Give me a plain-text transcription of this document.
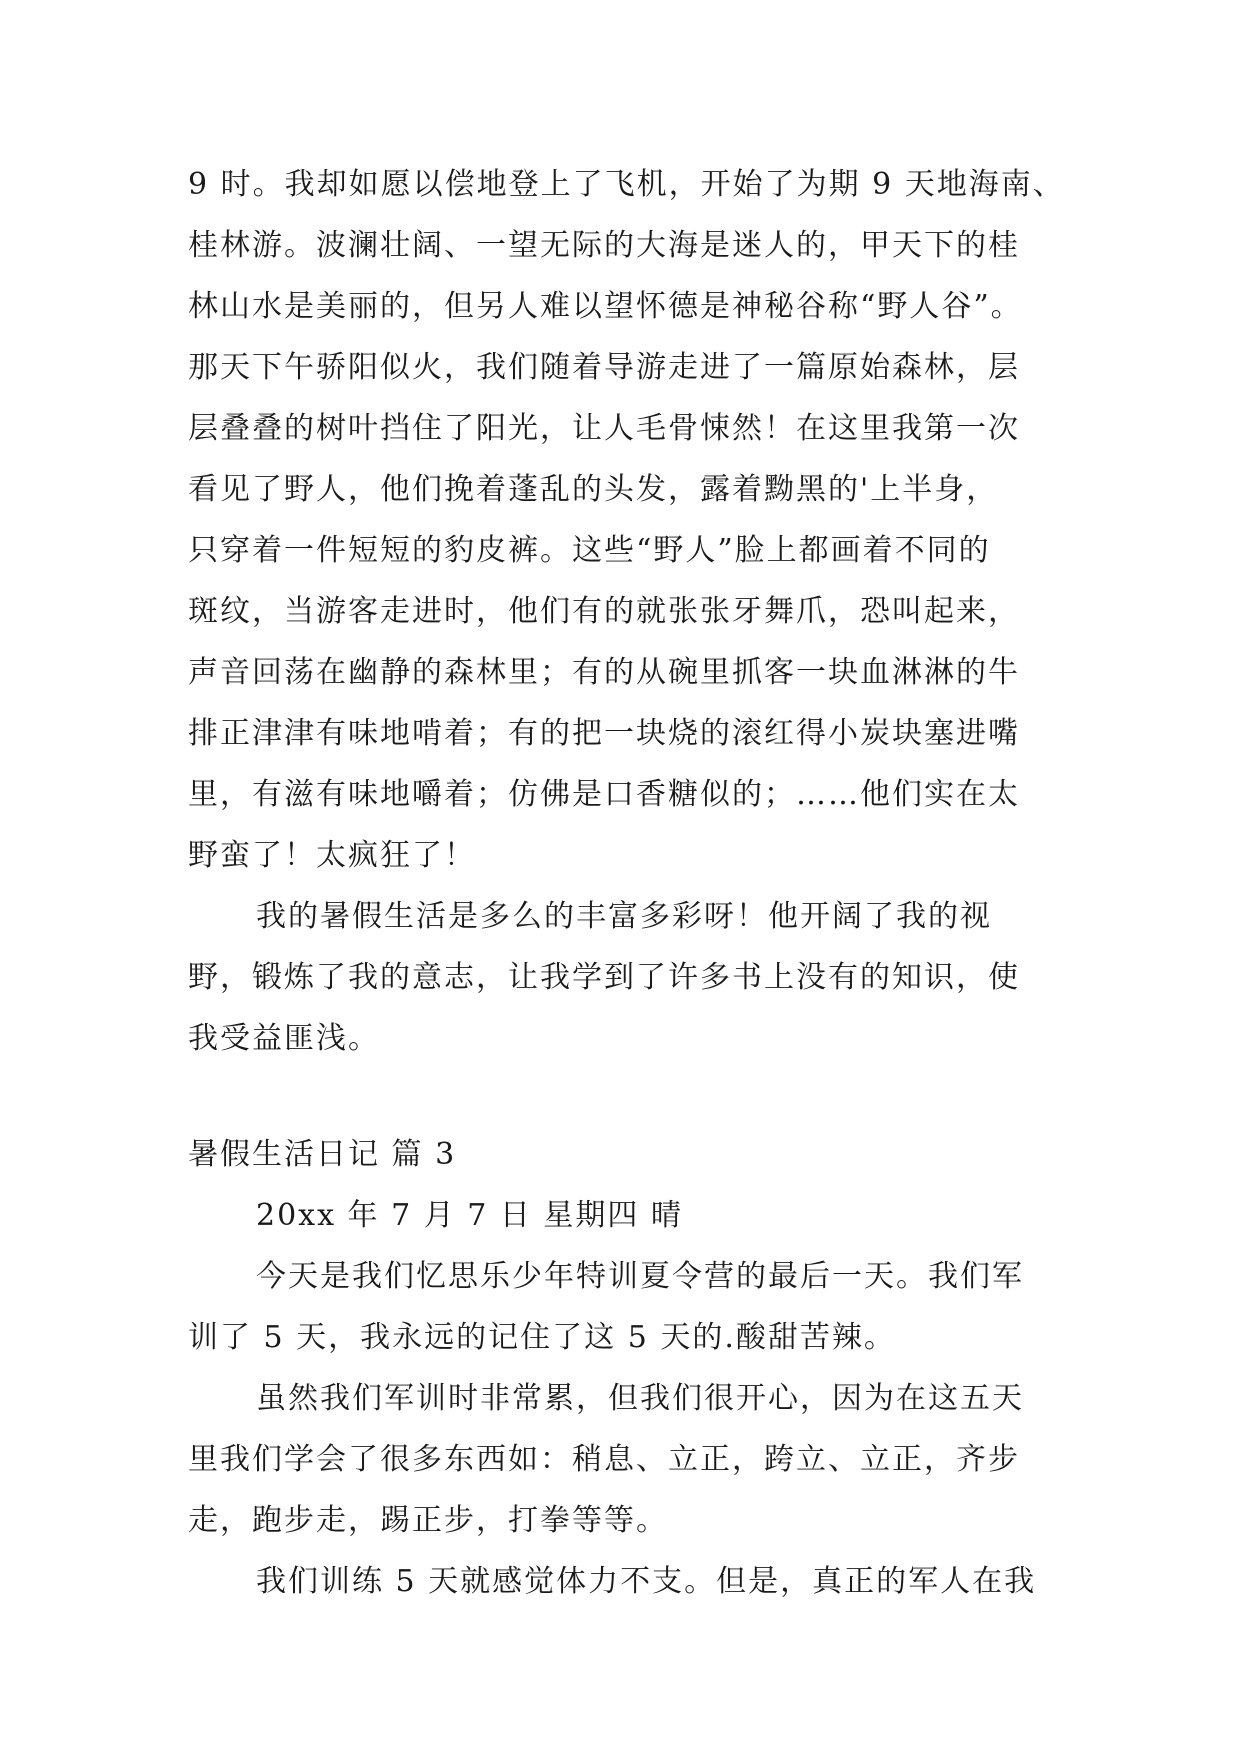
9 时。我却如愿以偿地登上了飞机，开始了为期 9 天地海南、
桂林游。波澜壮阔、一望无际的大海是迷人的，甲天下的桂
林山水是美丽的，但另人难以望怀德是神秘谷称“野人谷”。
那天下午骄阳似火，我们随着导游走进了一篇原始森林，层
层叠叠的树叶挡住了阳光，让人毛骨悚然！在这里我第一次
看见了野人，他们挽着蓬乱的头发，露着黝黑的'上半身，
只穿着一件短短的豹皮裤。这些“野人”脸上都画着不同的
斑纹，当游客走进时，他们有的就张张牙舞爪，恐叫起来，
声音回荡在幽静的森林里；有的从碗里抓客一块血淋淋的牛
排正津津有味地啃着；有的把一块烧的滚红得小炭块塞进嘴
里，有滋有味地嚼着；仿佛是口香糖似的；……他们实在太
野蛮了！太疯狂了！
我的暑假生活是多么的丰富多彩呀！他开阔了我的视
野，锻炼了我的意志，让我学到了许多书上没有的知识，使
我受益匪浅。
暑假生活日记 篇 3
20xx 年 7 月 7 日 星期四 晴
今天是我们忆思乐少年特训夏令营的最后一天。我们军
训了 5 天，我永远的记住了这 5 天的.酸甜苦辣。
虽然我们军训时非常累，但我们很开心，因为在这五天
里我们学会了很多东西如：稍息、立正，跨立、立正，齐步
走，跑步走，踢正步，打拳等等。
我们训练 5 天就感觉体力不支。但是，真正的军人在我
